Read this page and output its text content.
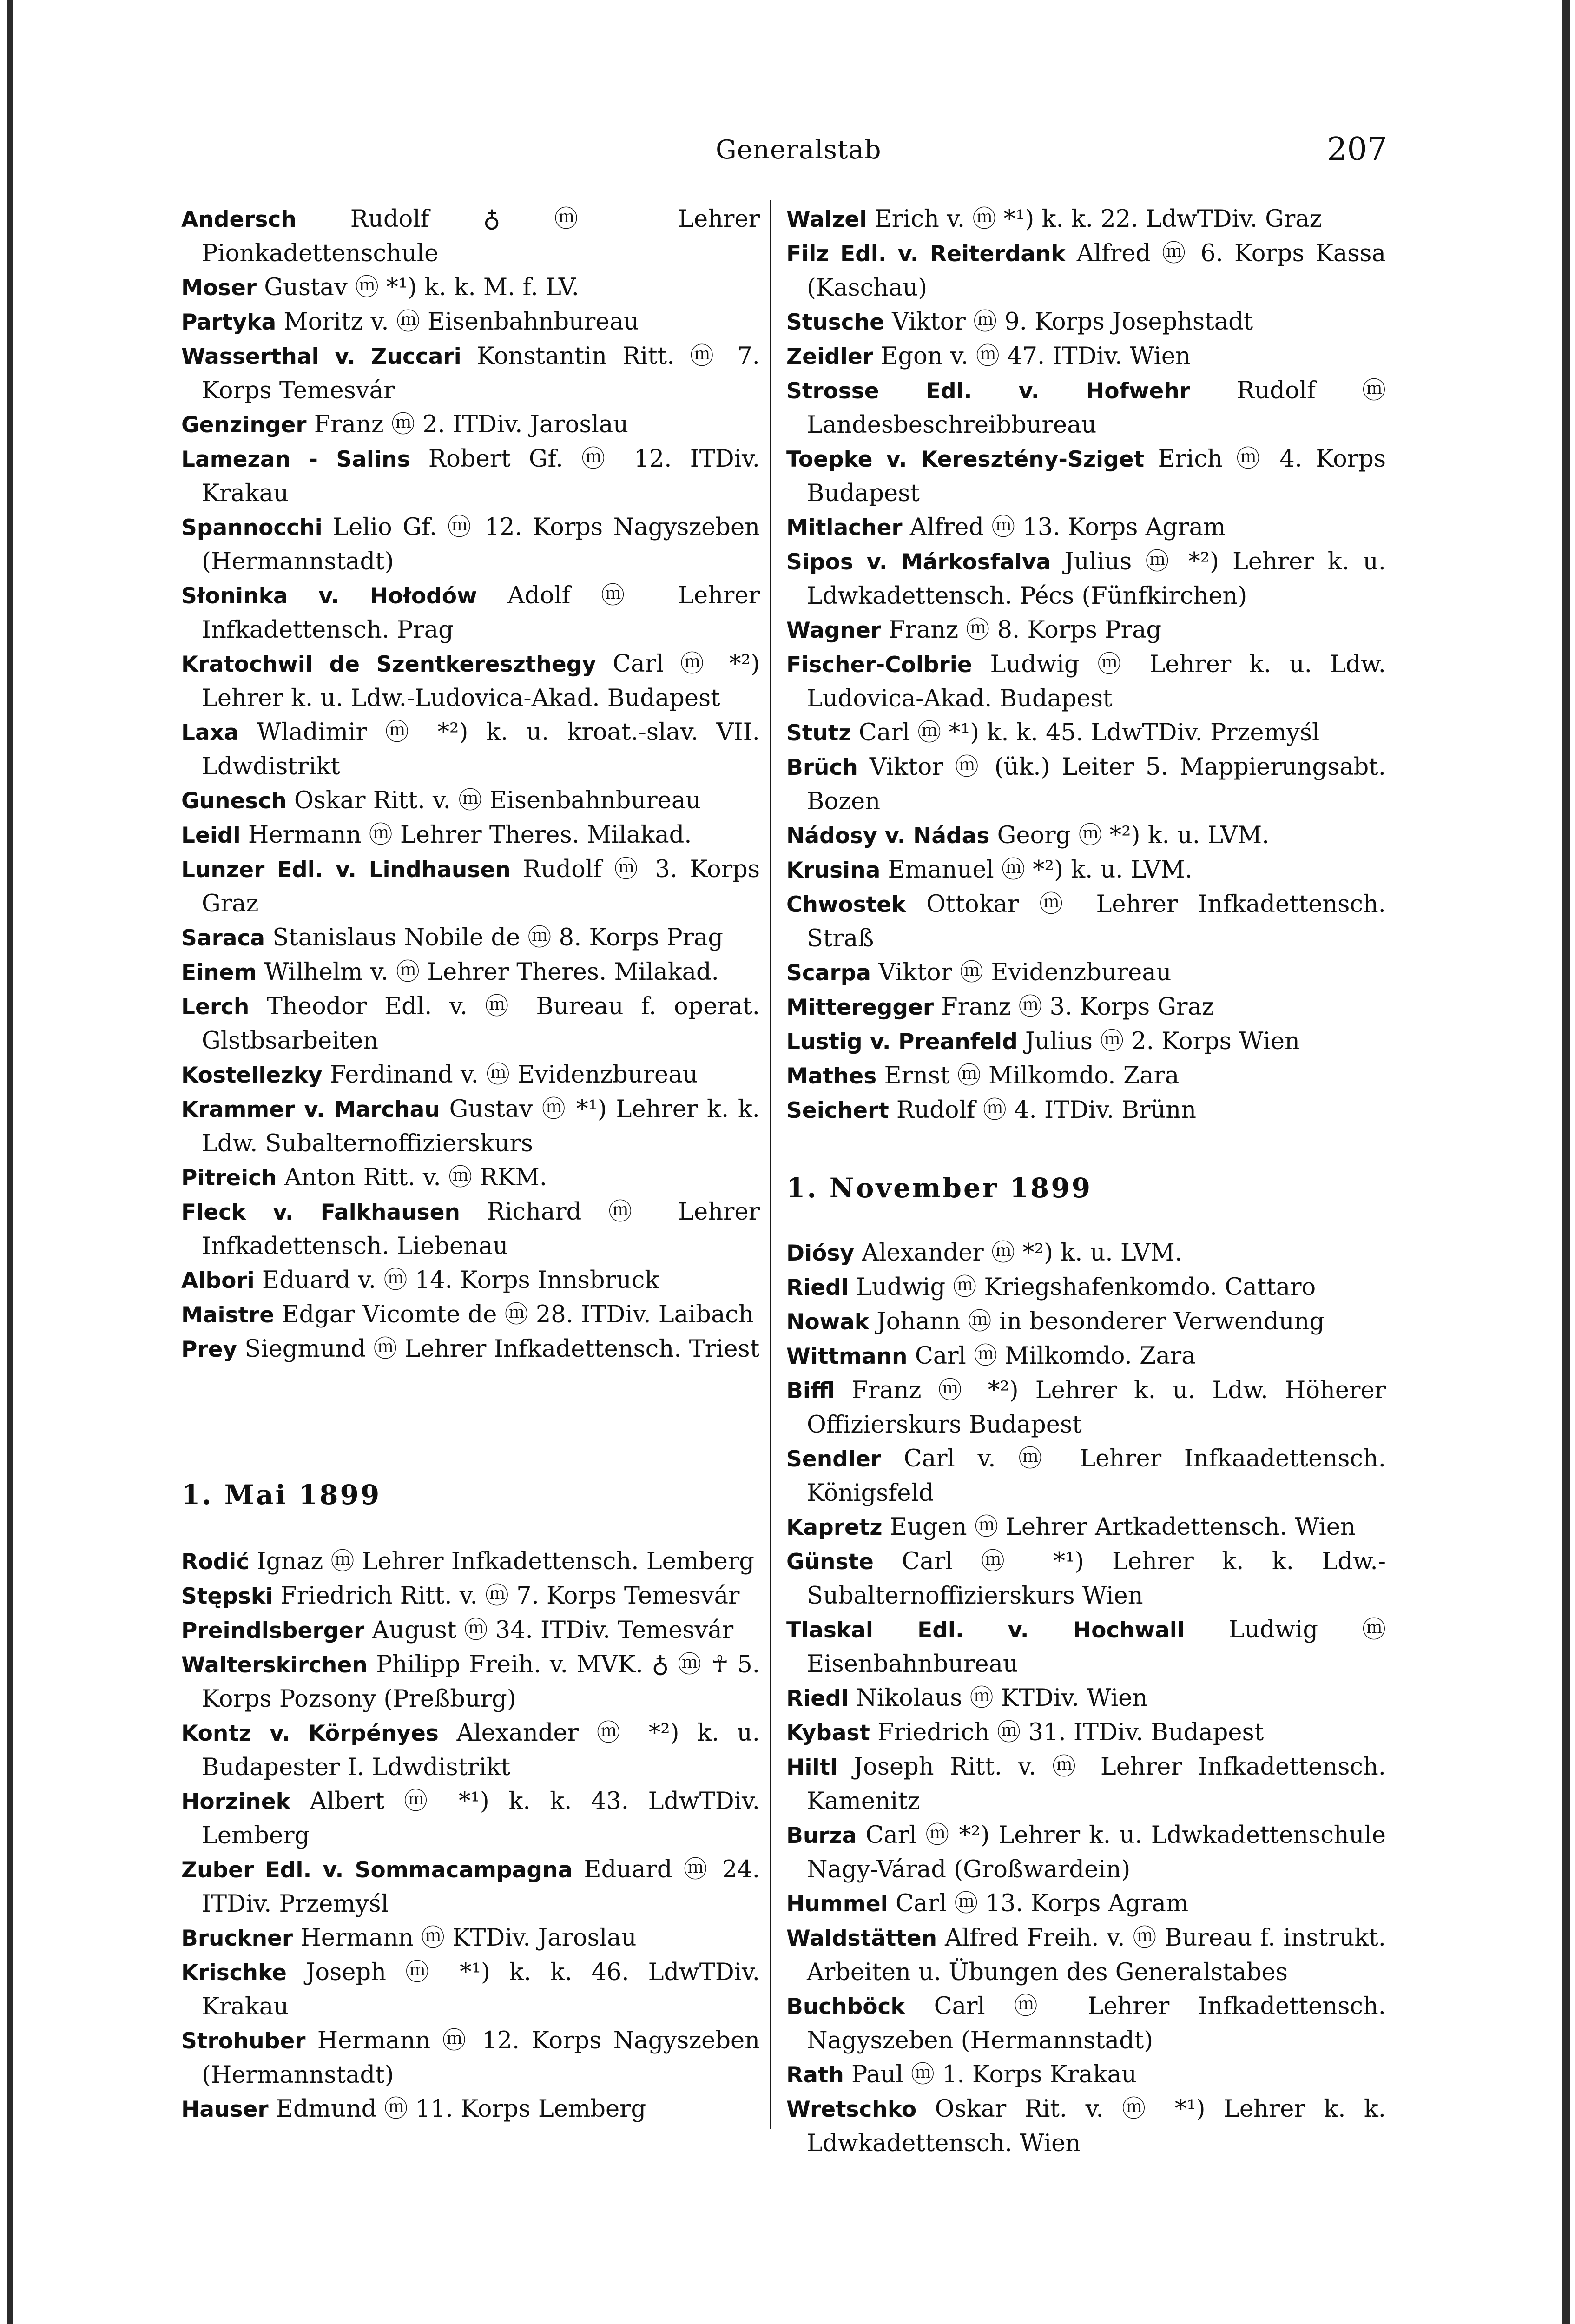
Generalstab	207
Andersch Rudolf ♁ ⓜ Lehrer Pionkadettenschule
Moser Gustav ⓜ *¹) k. k. M. f. LV.
Partyka Moritz v. ⓜ Eisenbahnbureau
Wasserthal v. Zuccari Konstantin Ritt. ⓜ 7. Korps Temesvár
Genzinger Franz ⓜ 2. ITDiv. Jaroslau
Lamezan - Salins Robert Gf. ⓜ 12. ITDiv. Krakau
Spannocchi Lelio Gf. ⓜ 12. Korps Nagyszeben (Hermannstadt)
Słoninka v. Hołodów Adolf ⓜ Lehrer Infkadettensch. Prag
Kratochwil de Szentkereszthegy Carl ⓜ *²) Lehrer k. u. Ldw.-Ludovica-Akad. Budapest
Laxa Wladimir ⓜ *²) k. u. kroat.-slav. VII. Ldwdistrikt
Gunesch Oskar Ritt. v. ⓜ Eisenbahnbureau
Leidl Hermann ⓜ Lehrer Theres. Milakad.
Lunzer Edl. v. Lindhausen Rudolf ⓜ 3. Korps Graz
Saraca Stanislaus Nobile de ⓜ 8. Korps Prag
Einem Wilhelm v. ⓜ Lehrer Theres. Milakad.
Lerch Theodor Edl. v. ⓜ Bureau f. operat. Glstbsarbeiten
Kostellezky Ferdinand v. ⓜ Evidenzbureau
Krammer v. Marchau Gustav ⓜ *¹) Lehrer k. k. Ldw. Subalternoffizierskurs
Pitreich Anton Ritt. v. ⓜ RKM.
Fleck v. Falkhausen Richard ⓜ Lehrer Infkadettensch. Liebenau
Albori Eduard v. ⓜ 14. Korps Innsbruck
Maistre Edgar Vicomte de ⓜ 28. ITDiv. Laibach
Prey Siegmund ⓜ Lehrer Infkadettensch. Triest
1. Mai 1899
Rodić Ignaz ⓜ Lehrer Infkadettensch. Lemberg
Stępski Friedrich Ritt. v. ⓜ 7. Korps Temesvár
Preindlsberger August ⓜ 34. ITDiv. Temesvár
Walterskirchen Philipp Freih. v. MVK. ♁ ⓜ ☥ 5. Korps Pozsony (Preßburg)
Kontz v. Körpényes Alexander ⓜ *²) k. u. Budapester I. Ldwdistrikt
Horzinek Albert ⓜ *¹) k. k. 43. LdwTDiv. Lemberg
Zuber Edl. v. Sommacampagna Eduard ⓜ 24. ITDiv. Przemyśl
Bruckner Hermann ⓜ KTDiv. Jaroslau
Krischke Joseph ⓜ *¹) k. k. 46. LdwTDiv. Krakau
Strohuber Hermann ⓜ 12. Korps Nagyszeben (Hermannstadt)
Hauser Edmund ⓜ 11. Korps Lemberg
Walzel Erich v. ⓜ *¹) k. k. 22. LdwTDiv. Graz
Filz Edl. v. Reiterdank Alfred ⓜ 6. Korps Kassa (Kaschau)
Stusche Viktor ⓜ 9. Korps Josephstadt
Zeidler Egon v. ⓜ 47. ITDiv. Wien
Strosse Edl. v. Hofwehr Rudolf ⓜ Landesbeschreibbureau
Toepke v. Keresztény-Sziget Erich ⓜ 4. Korps Budapest
Mitlacher Alfred ⓜ 13. Korps Agram
Sipos v. Márkosfalva Julius ⓜ *²) Lehrer k. u. Ldwkadettensch. Pécs (Fünfkirchen)
Wagner Franz ⓜ 8. Korps Prag
Fischer-Colbrie Ludwig ⓜ Lehrer k. u. Ldw. Ludovica-Akad. Budapest
Stutz Carl ⓜ *¹) k. k. 45. LdwTDiv. Przemyśl
Brüch Viktor ⓜ (ük.) Leiter 5. Mappierungsabt. Bozen
Nádosy v. Nádas Georg ⓜ *²) k. u. LVM.
Krusina Emanuel ⓜ *²) k. u. LVM.
Chwostek Ottokar ⓜ Lehrer Infkadettensch. Straß
Scarpa Viktor ⓜ Evidenzbureau
Mitteregger Franz ⓜ 3. Korps Graz
Lustig v. Preanfeld Julius ⓜ 2. Korps Wien
Mathes Ernst ⓜ Milkomdo. Zara
Seichert Rudolf ⓜ 4. ITDiv. Brünn
1. November 1899
Diósy Alexander ⓜ *²) k. u. LVM.
Riedl Ludwig ⓜ Kriegshafenkomdo. Cattaro
Nowak Johann ⓜ in besonderer Verwendung
Wittmann Carl ⓜ Milkomdo. Zara
Biffl Franz ⓜ *²) Lehrer k. u. Ldw. Höherer Offizierskurs Budapest
Sendler Carl v. ⓜ Lehrer Infkaadettensch. Königsfeld
Kapretz Eugen ⓜ Lehrer Artkadettensch. Wien
Günste Carl ⓜ *¹) Lehrer k. k. Ldw.-Subalternoffizierskurs Wien
Tlaskal Edl. v. Hochwall Ludwig ⓜ Eisenbahnbureau
Riedl Nikolaus ⓜ KTDiv. Wien
Kybast Friedrich ⓜ 31. ITDiv. Budapest
Hiltl Joseph Ritt. v. ⓜ Lehrer Infkadettensch. Kamenitz
Burza Carl ⓜ *²) Lehrer k. u. Ldwkadettenschule Nagy-Várad (Großwardein)
Hummel Carl ⓜ 13. Korps Agram
Waldstätten Alfred Freih. v. ⓜ Bureau f. instrukt. Arbeiten u. Übungen des Generalstabes
Buchböck Carl ⓜ Lehrer Infkadettensch. Nagyszeben (Hermannstadt)
Rath Paul ⓜ 1. Korps Krakau
Wretschko Oskar Rit. v. ⓜ *¹) Lehrer k. k. Ldwkadettensch. Wien
